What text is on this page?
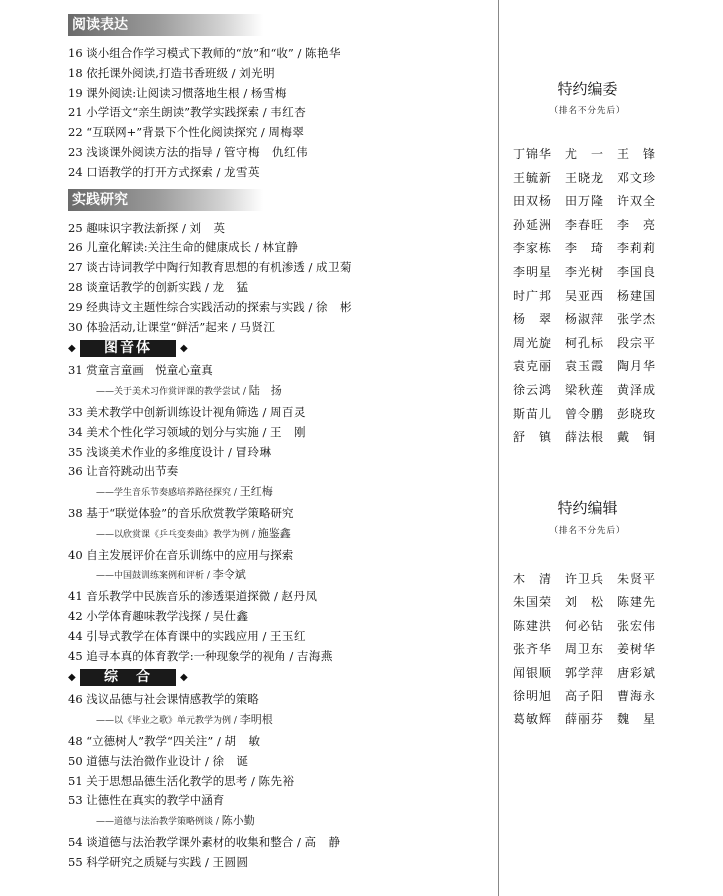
阅读表达
16 谈小组合作学习模式下教师的“放”和“收” / 陈艳华
18 依托课外阅读,打造书香班级 / 刘光明
19 课外阅读:让阅读习惯落地生根 / 杨雪梅
21 小学语文“亲生朗读”教学实践探索 / 韦红杏
22 “互联网+”背景下个性化阅读探究 / 周梅翠
23 浅谈课外阅读方法的指导 / 管守梅　仇红伟
24 口语教学的打开方式探索 / 龙雪英
实践研究
25 趣味识字教法新探 / 刘　英
26 儿童化解读:关注生命的健康成长 / 林宜静
27 谈古诗词教学中陶行知教育思想的有机渗透 / 成卫菊
28 谈童话教学的创新实践 / 龙　猛
29 经典诗文主题性综合实践活动的探索与实践 / 徐　彬
30 体验活动,让课堂“鲜活”起来 / 马贤江
◆	图音体	◆
31 赏童言童画　悦童心童真
——关于美术习作赏评课的教学尝试 / 陆　扬
33 美术教学中创新训练设计视角筛选 / 周百灵
34 美术个性化学习领域的划分与实施 / 王　刚
35 浅谈美术作业的多维度设计 / 冒玲琳
36 让音符跳动出节奏
——学生音乐节奏感培养路径探究 / 王红梅
38 基于“联觉体验”的音乐欣赏教学策略研究
——以欣赏课《乒乓变奏曲》教学为例 / 施鉴鑫
40 自主发展评价在音乐训练中的应用与探索
——中国鼓训练案例和评析 / 李令斌
41 音乐教学中民族音乐的渗透渠道探微 / 赵丹凤
42 小学体育趣味教学浅探 / 吴仕鑫
44 引导式教学在体育课中的实践应用 / 王玉红
45 追寻本真的体育教学:一种现象学的视角 / 吉海燕
◆	综　合	◆
46 浅议品德与社会课情感教学的策略
——以《毕业之歌》单元教学为例 / 李明根
48 “立德树人”教学“四关注” / 胡　敏
50 道德与法治微作业设计 / 徐　诞
51 关于思想品德生活化教学的思考 / 陈先裕
53 让德性在真实的教学中涵育
——道德与法治教学策略例谈 / 陈小勤
54 谈道德与法治教学课外素材的收集和整合 / 高　静
55 科学研究之质疑与实践 / 王圆圆
特约编委
（排名不分先后）
丁锦华 尤　一 王　锋
王毓新 王晓龙 邓文珍
田双杨 田万隆 许双全
孙延洲 李春旺 李　亮
李家栋 李　琦 李莉莉
李明星 李光树 李国良
时广邦 吴亚西 杨建国
杨　翠 杨淑萍 张学杰
周光旋 柯孔标 段宗平
袁克丽 袁玉霞 陶月华
徐云鸿 梁秋莲 黄泽成
斯苗儿 曾令鹏 彭晓玫
舒　镇 薛法根 戴　铜
特约编辑
（排名不分先后）
木　清 许卫兵 朱贤平
朱国荣 刘　松 陈建先
陈建洪 何必钻 张宏伟
张齐华 周卫东 姜树华
闻银顺 郭学萍 唐彩斌
徐明旭 高子阳 曹海永
葛敏辉 薛丽芬 魏　星
